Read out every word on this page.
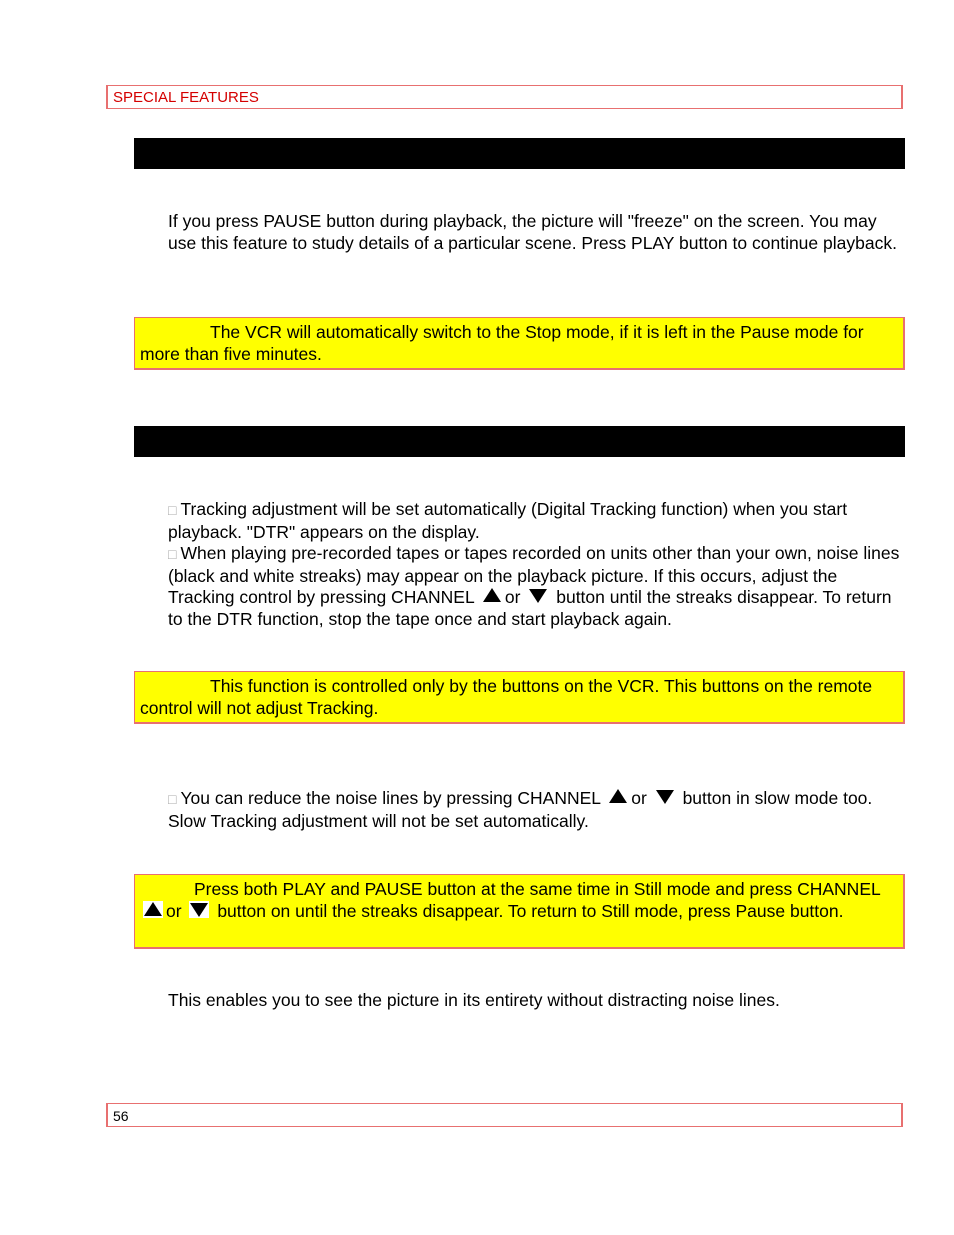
SPECIAL FEATURES

If you press PAUSE button during playback, the picture will "freeze" on the screen. You may use this feature to study details of a particular scene. Press PLAY button to continue playback.

The VCR will automatically switch to the Stop mode, if it is left in the Pause mode for more than five minutes.
□ Tracking adjustment will be set automatically (Digital Tracking function) when you start playback. "DTR" appears on the display.
□ When playing pre-recorded tapes or tapes recorded on units other than your own, noise lines (black and white streaks) may appear on the playback picture. If this occurs, adjust the Tracking control by pressing CHANNEL or button until the streaks disappear. To return to the DTR function, stop the tape once and start playback again.
This function is controlled only by the buttons on the VCR. This buttons on the remote control will not adjust Tracking.
□ You can reduce the noise lines by pressing CHANNEL or button in slow mode too. Slow Tracking adjustment will not be set automatically.
Press both PLAY and PAUSE button at the same time in Still mode and press CHANNEL or button on until the streaks disappear. To return to Still mode, press Pause button.

This enables you to see the picture in its entirety without distracting noise lines.

56
